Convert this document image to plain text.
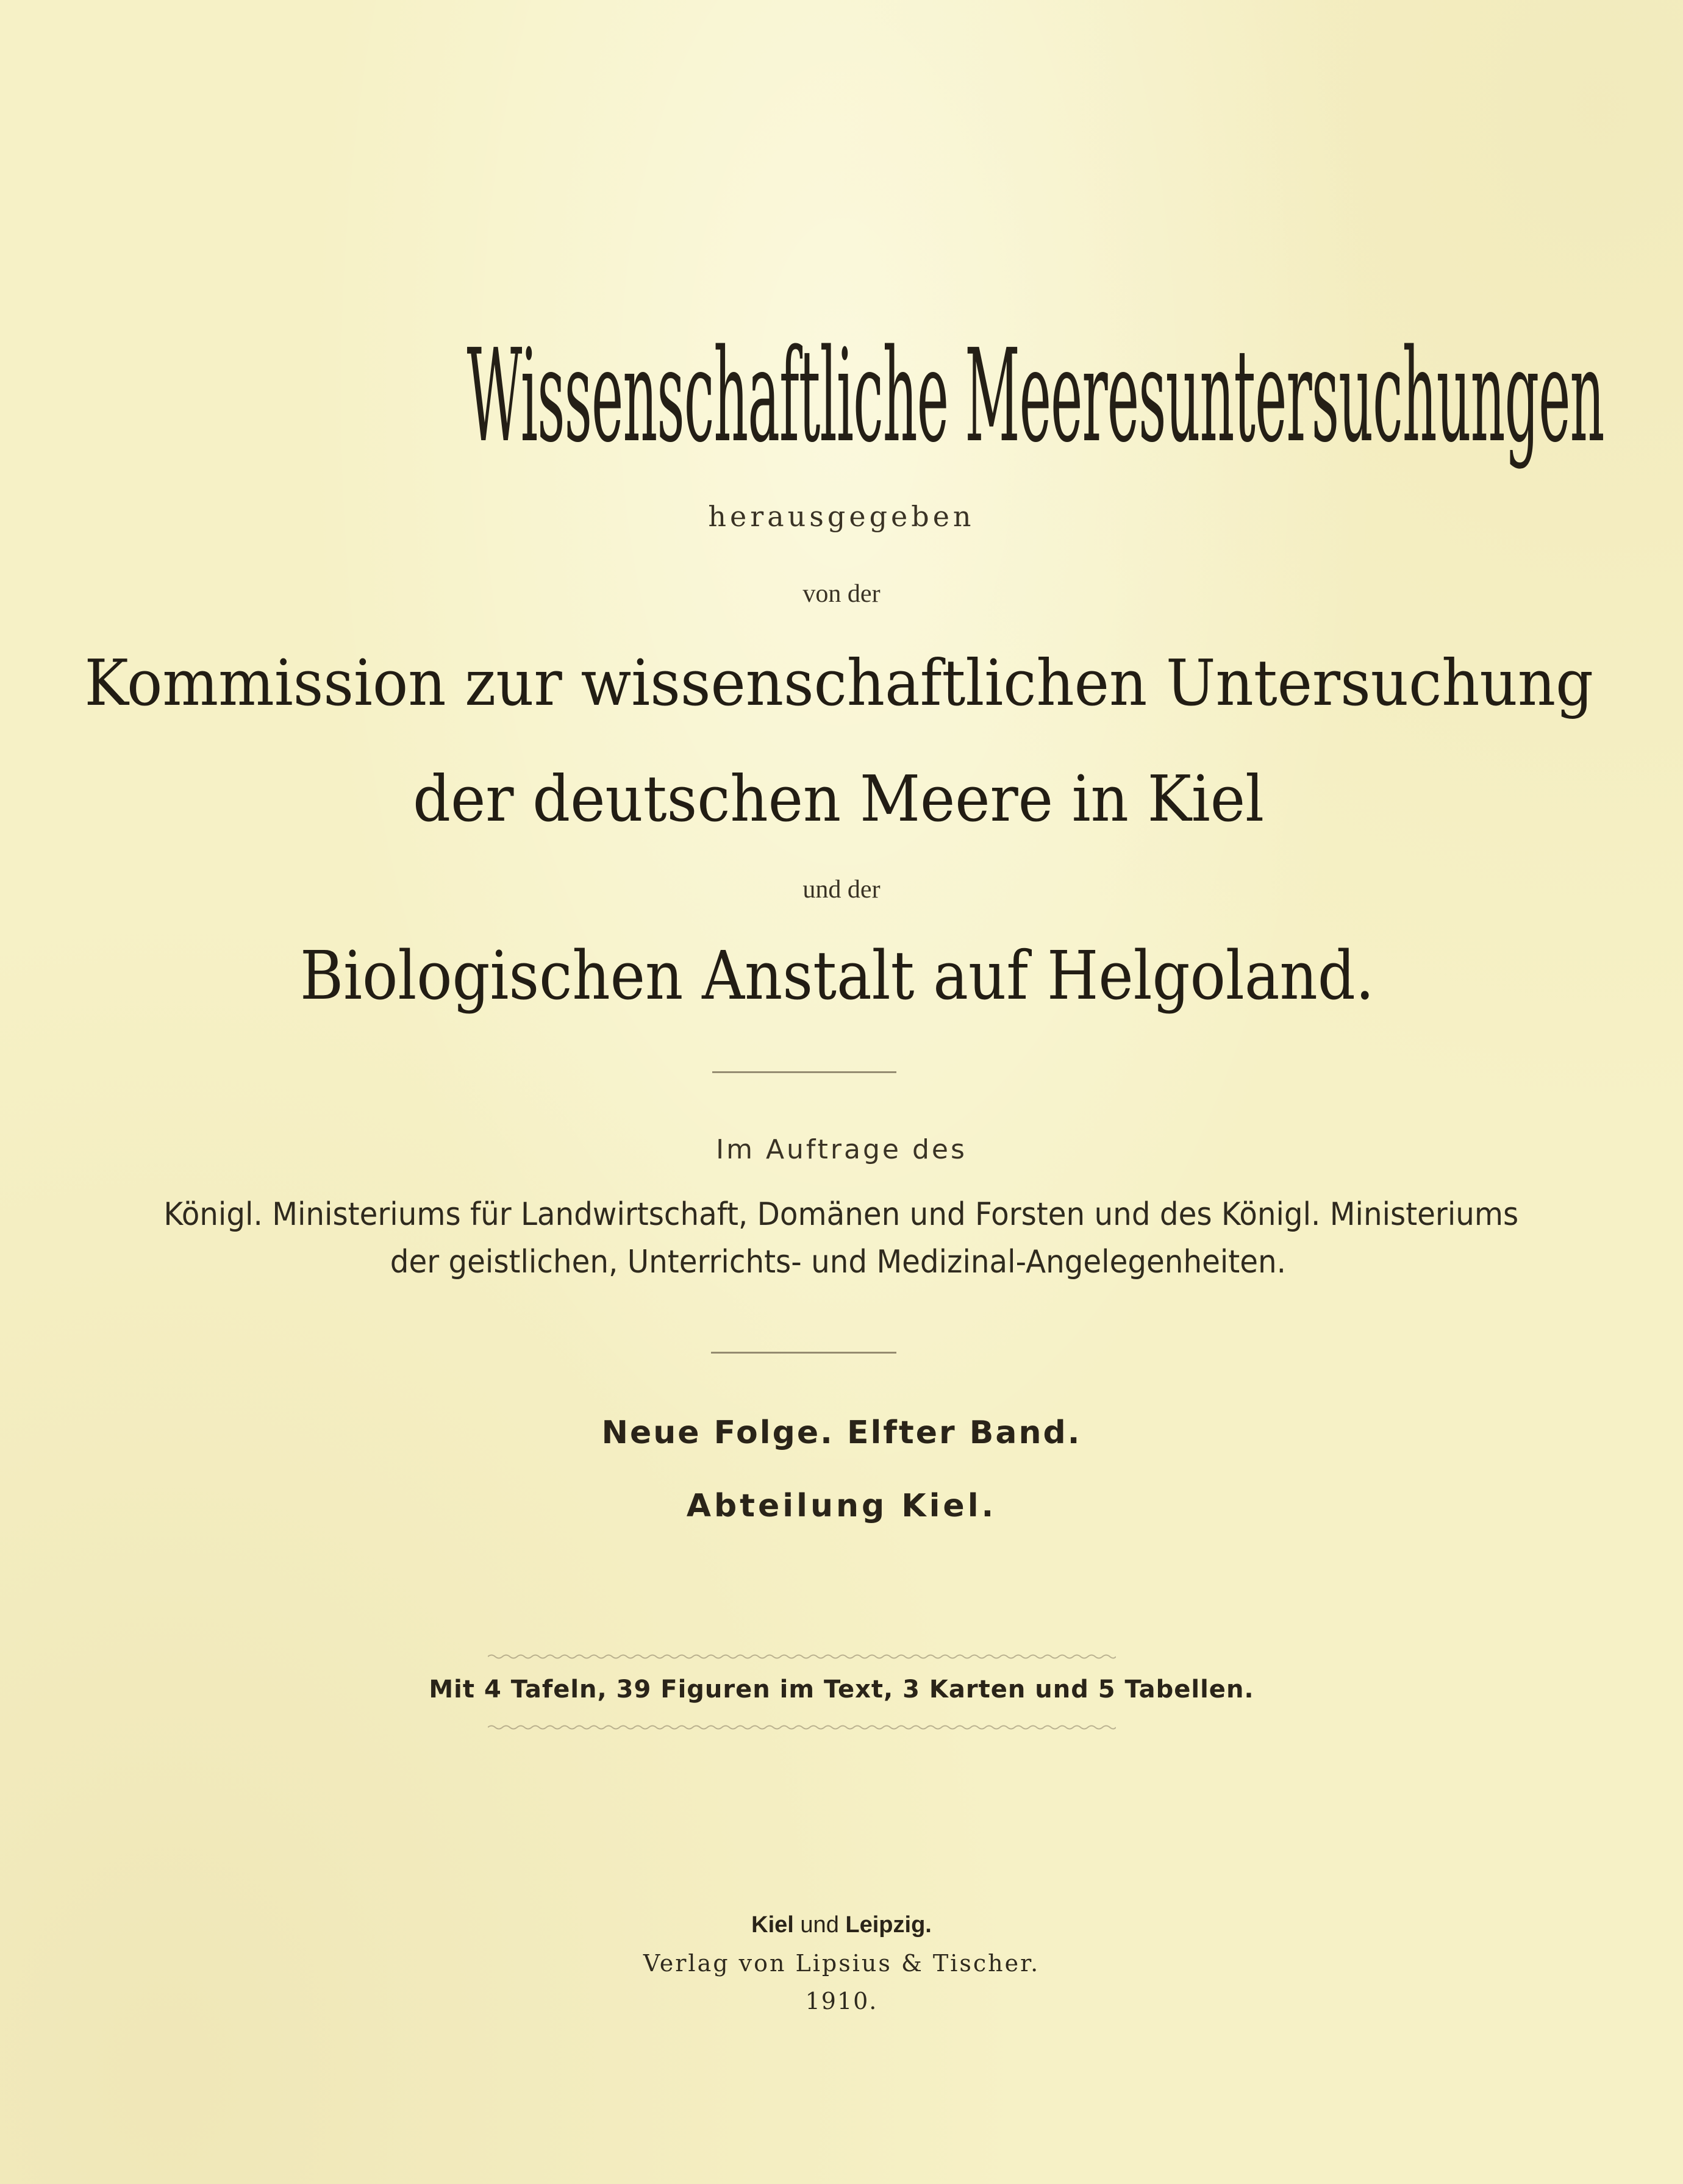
Wissenschaftliche Meeresuntersuchungen
herausgegeben
von der
Kommission zur wissenschaftlichen Untersuchung
der deutschen Meere in Kiel
und der
Biologischen Anstalt auf Helgoland.
Im Auftrage des
Königl. Ministeriums für Landwirtschaft, Domänen und Forsten und des Königl. Ministeriums
der geistlichen, Unterrichts- und Medizinal-Angelegenheiten.
Neue Folge. Elfter Band.
Abteilung Kiel.
Mit 4 Tafeln, 39 Figuren im Text, 3 Karten und 5 Tabellen.
Kiel und Leipzig.
Verlag von Lipsius & Tischer.
1910.
